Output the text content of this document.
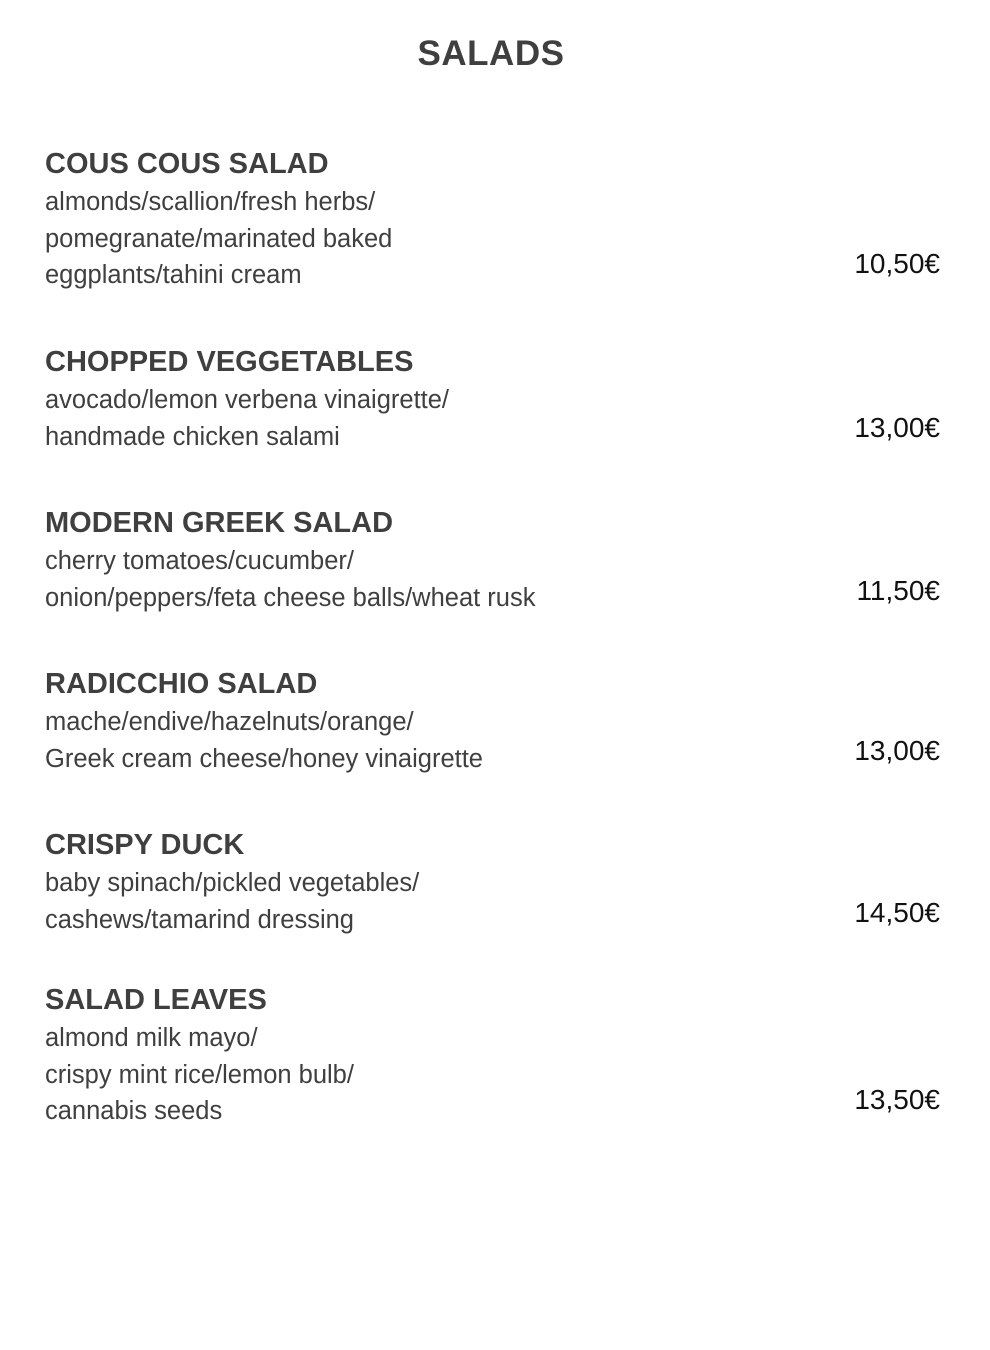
SALADS

COUS COUS SALAD

almonds/scallion/fresh herbs/
pomegranate/marinated baked
eggplants/tahini cream	10,50€

CHOPPED VEGGETABLES

avocado/lemon verbena vinaigrette/
handmade chicken salami	13,00€

MODERN GREEK SALAD

cherry tomatoes/cucumber/
onion/peppers/feta cheese balls/wheat rusk	11,50€

RADICCHIO SALAD

mache/endive/hazelnuts/orange/
Greek cream cheese/honey vinaigrette	13,00€

CRISPY DUCK

baby spinach/pickled vegetables/
cashews/tamarind dressing	14,50€

SALAD LEAVES

almond milk mayo/
crispy mint rice/lemon bulb/
cannabis seeds	13,50€
